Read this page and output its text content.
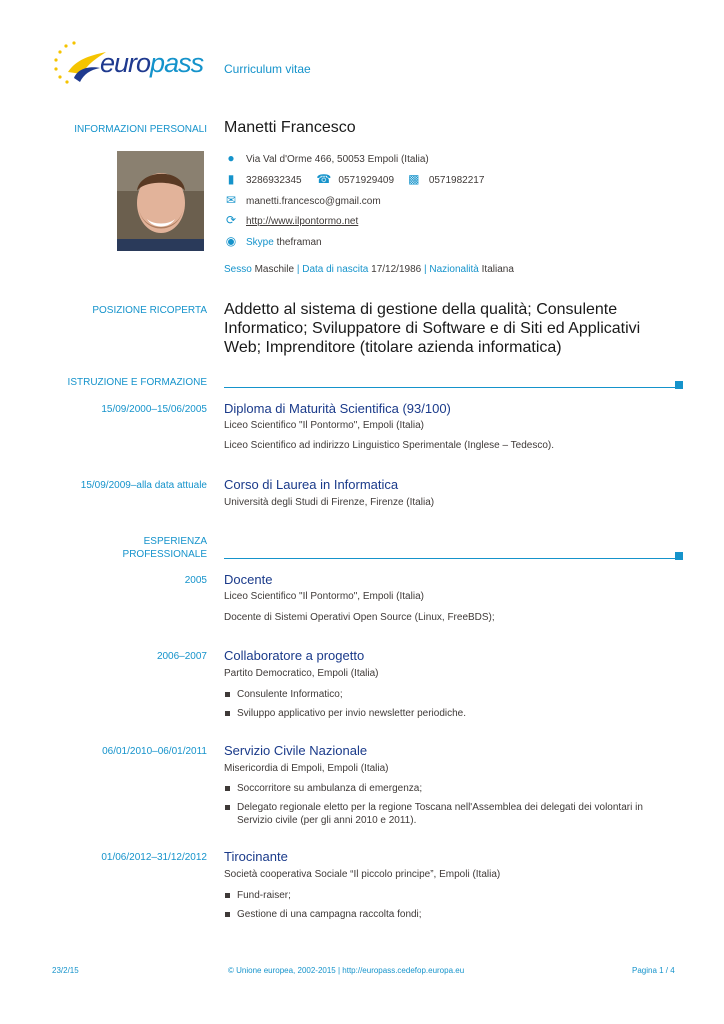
europass Curriculum vitae
INFORMAZIONI PERSONALI Manetti Francesco
● Via Val d'Orme 466, 50053 Empoli (Italia)
▮ 3286932345 ☎ 0571929409 ▩ 0571982217
✉ manetti.francesco@gmail.com
⟳ http://www.ilpontormo.net
◉ Skype theframan
Sesso Maschile | Data di nascita 17/12/1986 | Nazionalità Italiana
POSIZIONE RICOPERTA Addetto al sistema di gestione della qualità; Consulente Informatico; Sviluppatore di Software e di Siti ed Applicativi Web; Imprenditore (titolare azienda informatica)
ISTRUZIONE E FORMAZIONE
15/09/2000–15/06/2005 Diploma di Maturità Scientifica (93/100)
Liceo Scientifico "Il Pontormo", Empoli (Italia)
Liceo Scientifico ad indirizzo Linguistico Sperimentale (Inglese – Tedesco).
15/09/2009–alla data attuale Corso di Laurea in Informatica
Università degli Studi di Firenze, Firenze (Italia)
ESPERIENZA
PROFESSIONALE
2005 Docente
Liceo Scientifico "Il Pontormo", Empoli (Italia)
Docente di Sistemi Operativi Open Source (Linux, FreeBDS);
2006–2007 Collaboratore a progetto
Partito Democratico, Empoli (Italia)
Consulente Informatico;
Sviluppo applicativo per invio newsletter periodiche.
06/01/2010–06/01/2011 Servizio Civile Nazionale
Misericordia di Empoli, Empoli (Italia)
Soccorritore su ambulanza di emergenza;
Delegato regionale eletto per la regione Toscana nell'Assemblea dei delegati dei volontari in Servizio civile (per gli anni 2010 e 2011).
01/06/2012–31/12/2012 Tirocinante
Società cooperativa Sociale “Il piccolo principe”, Empoli (Italia)
Fund-raiser;
Gestione di una campagna raccolta fondi;
23/2/15	© Unione europea, 2002-2015 | http://europass.cedefop.europa.eu	Pagina 1 / 4
